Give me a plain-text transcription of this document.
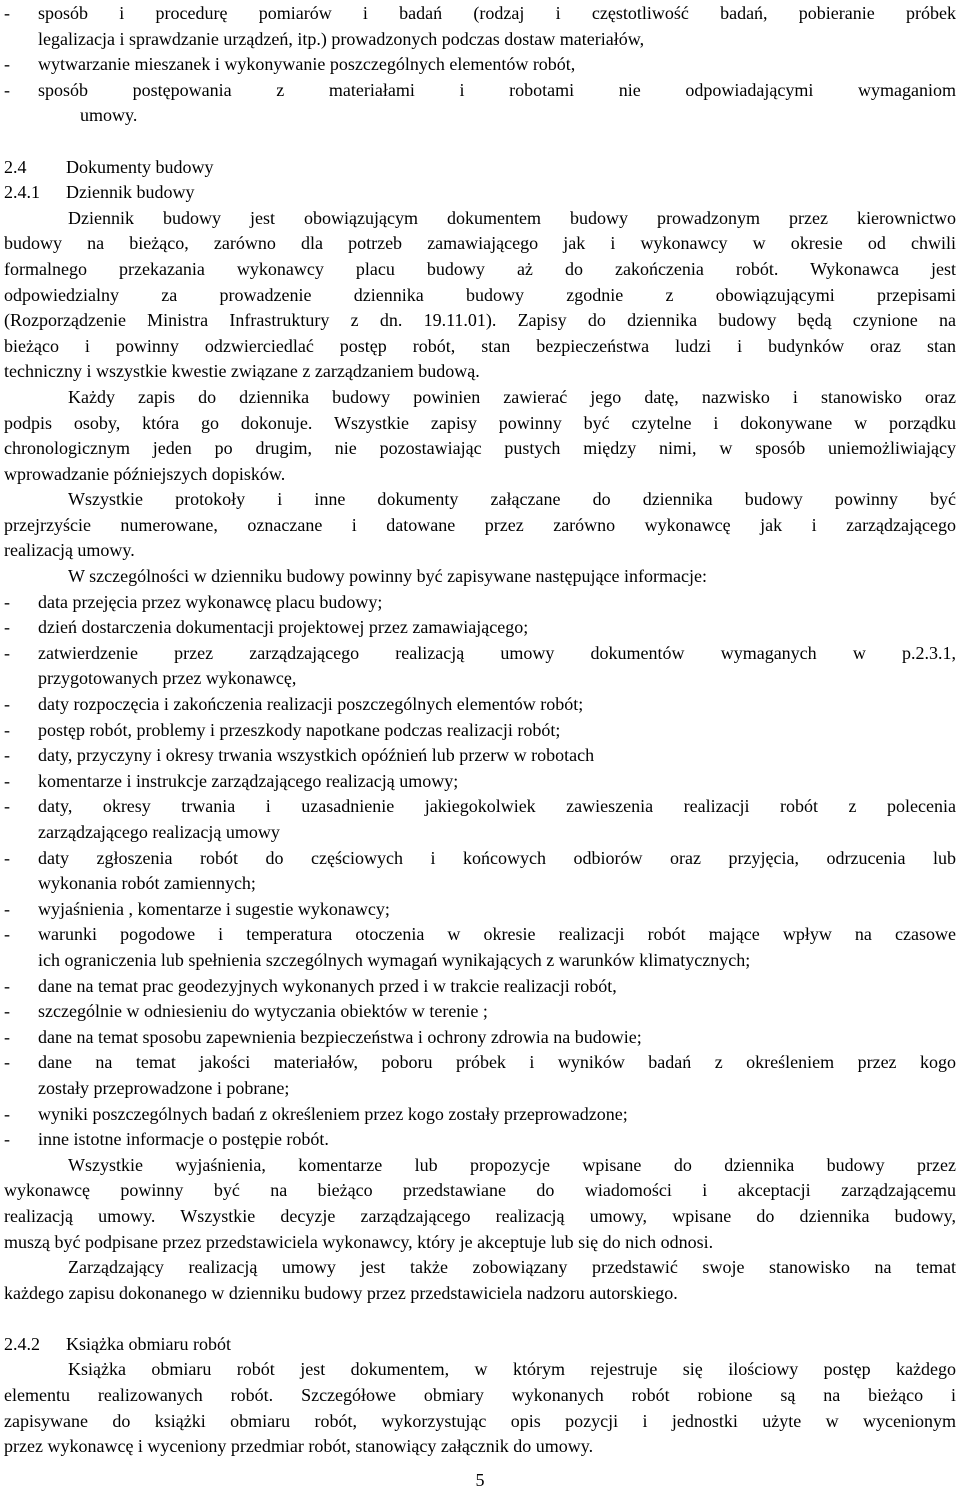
-	sposób i procedurę pomiarów i badań (rodzaj i częstotliwość badań, pobieranie próbek
legalizacja i sprawdzanie urządzeń, itp.) prowadzonych podczas dostaw materiałów,
-	wytwarzanie mieszanek i wykonywanie poszczególnych elementów robót,
-	sposób postępowania z materiałami i robotami nie odpowiadającymi wymaganiom
umowy.
2.4	Dokumenty budowy
2.4.1	Dziennik budowy
Dziennik budowy jest obowiązującym dokumentem budowy prowadzonym przez kierownictwo
budowy na bieżąco, zarówno dla potrzeb zamawiającego jak i wykonawcy w okresie od chwili
formalnego przekazania wykonawcy placu budowy aż do zakończenia robót. Wykonawca jest
odpowiedzialny za prowadzenie dziennika budowy zgodnie z obowiązującymi przepisami
(Rozporządzenie Ministra Infrastruktury z dn. 19.11.01). Zapisy do dziennika budowy będą czynione na
bieżąco i powinny odzwierciedlać postęp robót, stan bezpieczeństwa ludzi i budynków oraz stan
techniczny i wszystkie kwestie związane z zarządzaniem budową.
Każdy zapis do dziennika budowy powinien zawierać jego datę, nazwisko i stanowisko oraz
podpis osoby, która go dokonuje. Wszystkie zapisy powinny być czytelne i dokonywane w porządku
chronologicznym jeden po drugim, nie pozostawiając pustych między nimi, w sposób uniemożliwiający
wprowadzanie późniejszych dopisków.
Wszystkie protokoły i inne dokumenty załączane do dziennika budowy powinny być
przejrzyście numerowane, oznaczane i datowane przez zarówno wykonawcę jak i zarządzającego
realizacją umowy.
W szczególności w dzienniku budowy powinny być zapisywane następujące informacje:
-	data przejęcia przez wykonawcę placu budowy;
-	dzień dostarczenia dokumentacji projektowej przez zamawiającego;
-	zatwierdzenie przez zarządzającego realizacją umowy dokumentów wymaganych w p.2.3.1,
przygotowanych przez wykonawcę,
-	daty rozpoczęcia i zakończenia realizacji poszczególnych elementów robót;
-	postęp robót, problemy i przeszkody napotkane podczas realizacji robót;
-	daty, przyczyny i okresy trwania wszystkich opóźnień lub przerw w robotach
-	komentarze i instrukcje zarządzającego realizacją umowy;
-	daty, okresy trwania i uzasadnienie jakiegokolwiek zawieszenia realizacji robót z polecenia
zarządzającego realizacją umowy
-	daty zgłoszenia robót do częściowych i końcowych odbiorów oraz przyjęcia, odrzucenia lub
wykonania robót zamiennych;
-	wyjaśnienia , komentarze i sugestie wykonawcy;
-	warunki pogodowe i temperatura otoczenia w okresie realizacji robót mające wpływ na czasowe
ich ograniczenia lub spełnienia szczególnych wymagań wynikających z warunków klimatycznych;
-	dane na temat prac geodezyjnych wykonanych przed i w trakcie realizacji robót,
-	szczególnie w odniesieniu do wytyczania obiektów w terenie ;
-	dane na temat sposobu zapewnienia bezpieczeństwa i ochrony zdrowia na budowie;
-	dane na temat jakości materiałów, poboru próbek i wyników badań z określeniem przez kogo
zostały przeprowadzone i pobrane;
-	wyniki poszczególnych badań z określeniem przez kogo zostały przeprowadzone;
-	inne istotne informacje o postępie robót.
Wszystkie wyjaśnienia, komentarze lub propozycje wpisane do dziennika budowy przez
wykonawcę powinny być na bieżąco przedstawiane do wiadomości i akceptacji zarządzającemu
realizacją umowy. Wszystkie decyzje zarządzającego realizacją umowy, wpisane do dziennika budowy,
muszą być podpisane przez przedstawiciela wykonawcy, który je akceptuje lub się do nich odnosi.
Zarządzający realizacją umowy jest także zobowiązany przedstawić swoje stanowisko na temat
każdego zapisu dokonanego w dzienniku budowy przez przedstawiciela nadzoru autorskiego.
2.4.2	Książka obmiaru robót
Książka obmiaru robót jest dokumentem, w którym rejestruje się ilościowy postęp każdego
elementu realizowanych robót. Szczegółowe obmiary wykonanych robót robione są na bieżąco i
zapisywane do książki obmiaru robót, wykorzystując opis pozycji i jednostki użyte w wycenionym
przez wykonawcę i wyceniony przedmiar robót, stanowiący załącznik do umowy.
5
